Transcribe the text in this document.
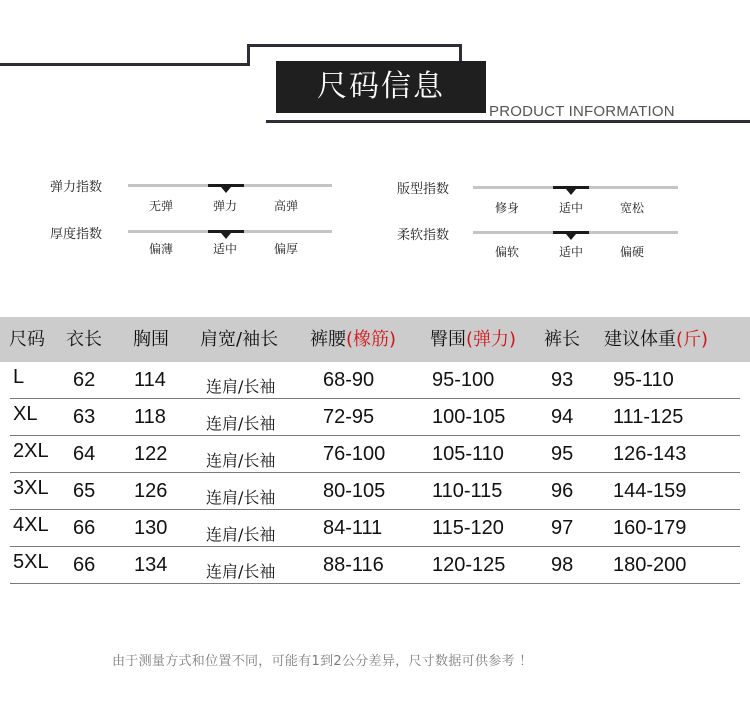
尺码信息
PRODUCT INFORMATION
弹力指数
无弹	弹力	高弹
厚度指数
偏薄	适中	偏厚
版型指数
修身	适中	宽松
柔软指数
偏软	适中	偏硬
尺码 衣长 胸围 肩宽/袖长 裤腰(橡筋) 臀围(弹力) 裤长 建议体重(斤)
L 62 114	连肩/长袖 68-90	95-100	93 95-110
XL 63 118	连肩/长袖 72-95	100-105 94 111-125
2XL 64 122 连肩/长袖 76-100 105-110 95 126-143
3XL 65 126 连肩/长袖 80-105 110-115 96 144-159
4XL 66 130 连肩/长袖 84-111 115-120 97 160-179
5XL 66 134 连肩/长袖 88-116 120-125 98 180-200
由于测量方式和位置不同，可能有1到2公分差异，尺寸数据可供参考 ！
